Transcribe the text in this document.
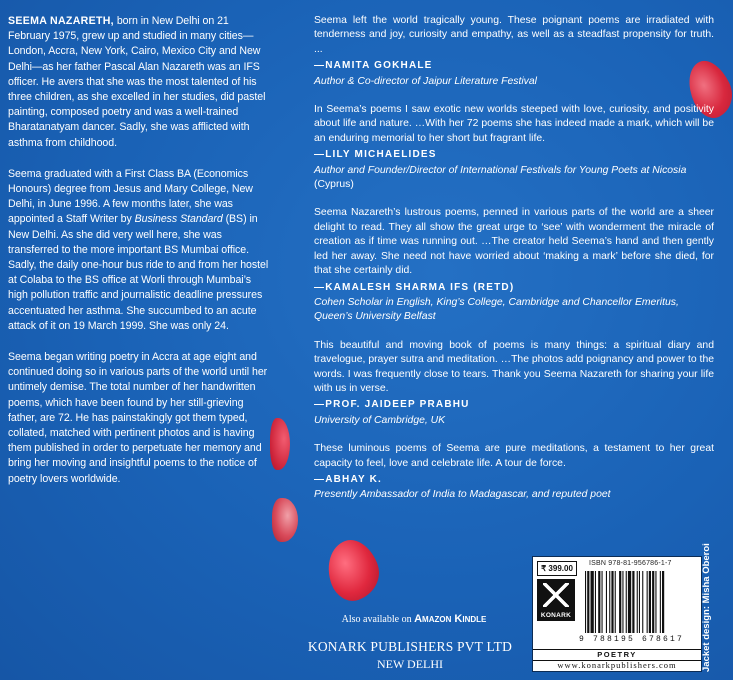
SEEMA NAZARETH, born in New Delhi on 21 February 1975, grew up and studied in many cities—London, Accra, New York, Cairo, Mexico City and New Delhi—as her father Pascal Alan Nazareth was an IFS officer. He avers that she was the most talented of his three children, as she excelled in her studies, did pastel painting, composed poetry and was a well-trained Bharatanatyam dancer. Sadly, she was afflicted with asthma from childhood.

Seema graduated with a First Class BA (Economics Honours) degree from Jesus and Mary College, New Delhi, in June 1996. A few months later, she was appointed a Staff Writer by Business Standard (BS) in New Delhi. As she did very well here, she was transferred to the more important BS Mumbai office. Sadly, the daily one-hour bus ride to and from her hostel at Colaba to the BS office at Worli through Mumbai’s high pollution traffic and journalistic deadline pressures accentuated her asthma. She succumbed to an acute attack of it on 19 March 1999. She was only 24.

Seema began writing poetry in Accra at age eight and continued doing so in various parts of the world until her untimely demise. The total number of her handwritten poems, which have been found by her still-grieving father, are 72. He has painstakingly got them typed, collated, matched with pertinent photos and is having them published in order to perpetuate her memory and bring her moving and insightful poems to the notice of poetry lovers worldwide.

Seema left the world tragically young. These poignant poems are irradiated with tenderness and joy, curiosity and empathy, as well as a steadfast propensity for truth. ...

—NAMITA GOKHALE

Author & Co-director of Jaipur Literature Festival

In Seema’s poems I saw exotic new worlds steeped with love, curiosity, and positivity about life and nature. …With her 72 poems she has indeed made a mark, which will be an enduring memorial to her short but fragrant life.

—LILY MICHAELIDES

Author and Founder/Director of International Festivals for Young Poets at Nicosia (Cyprus)

Seema Nazareth’s lustrous poems, penned in various parts of the world are a sheer delight to read. They all show the great urge to ‘see’ with wonderment the miracle of creation as if time was running out. …The creator held Seema’s hand and then gently led her away. She need not have worried about ‘making a mark’ before she died, for that she certainly did.

—KAMALESH SHARMA IFS (RETD)

Cohen Scholar in English, King’s College, Cambridge and Chancellor Emeritus, Queen’s University Belfast

This beautiful and moving book of poems is many things: a spiritual diary and travelogue, prayer sutra and meditation. …The photos add poignancy and power to the words. I was frequently close to tears. Thank you Seema Nazareth for sharing your life with us in verse.

—PROF. JAIDEEP PRABHU

University of Cambridge, UK

These luminous poems of Seema are pure meditations, a testament to her great capacity to feel, love and celebrate life. A tour de force.

—ABHAY K.

Presently Ambassador of India to Madagascar, and reputed poet

Also available on Amazon Kindle
KONARK PUBLISHERS PVT LTD
NEW DELHI
₹ 399.00
ISBN 978-81-956786-1-7
KONARK
9 788195 678617
POETRY
www.konarkpublishers.com	Jacket design: Misha Oberoi
